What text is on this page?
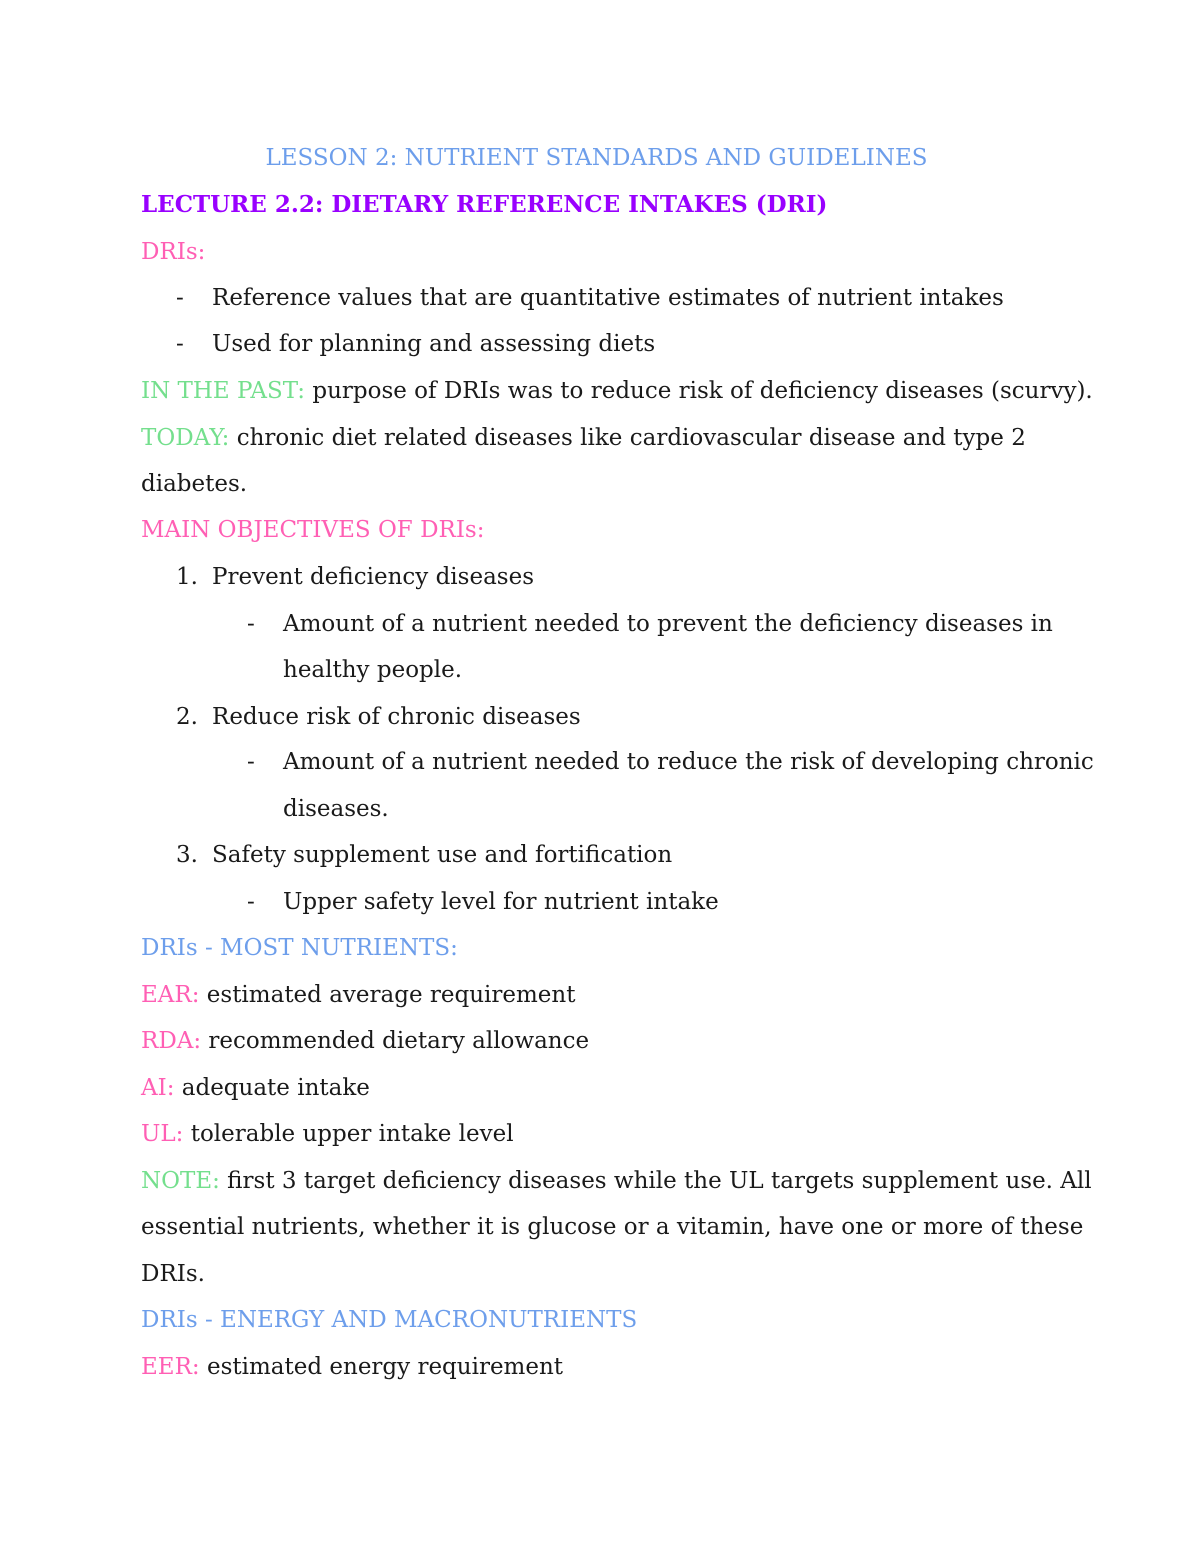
LESSON 2: NUTRIENT STANDARDS AND GUIDELINES
LECTURE 2.2: DIETARY REFERENCE INTAKES (DRI)
DRIs:
- Reference values that are quantitative estimates of nutrient intakes
- Used for planning and assessing diets
IN THE PAST: purpose of DRIs was to reduce risk of deficiency diseases (scurvy).
TODAY: chronic diet related diseases like cardiovascular disease and type 2
diabetes.
MAIN OBJECTIVES OF DRIs:
1. Prevent deficiency diseases
- Amount of a nutrient needed to prevent the deficiency diseases in
healthy people.
2. Reduce risk of chronic diseases
- Amount of a nutrient needed to reduce the risk of developing chronic
diseases.
3. Safety supplement use and fortification
- Upper safety level for nutrient intake
DRIs - MOST NUTRIENTS:
EAR: estimated average requirement
RDA: recommended dietary allowance
AI: adequate intake
UL: tolerable upper intake level
NOTE: first 3 target deficiency diseases while the UL targets supplement use. All
essential nutrients, whether it is glucose or a vitamin, have one or more of these
DRIs.
DRIs - ENERGY AND MACRONUTRIENTS
EER: estimated energy requirement
